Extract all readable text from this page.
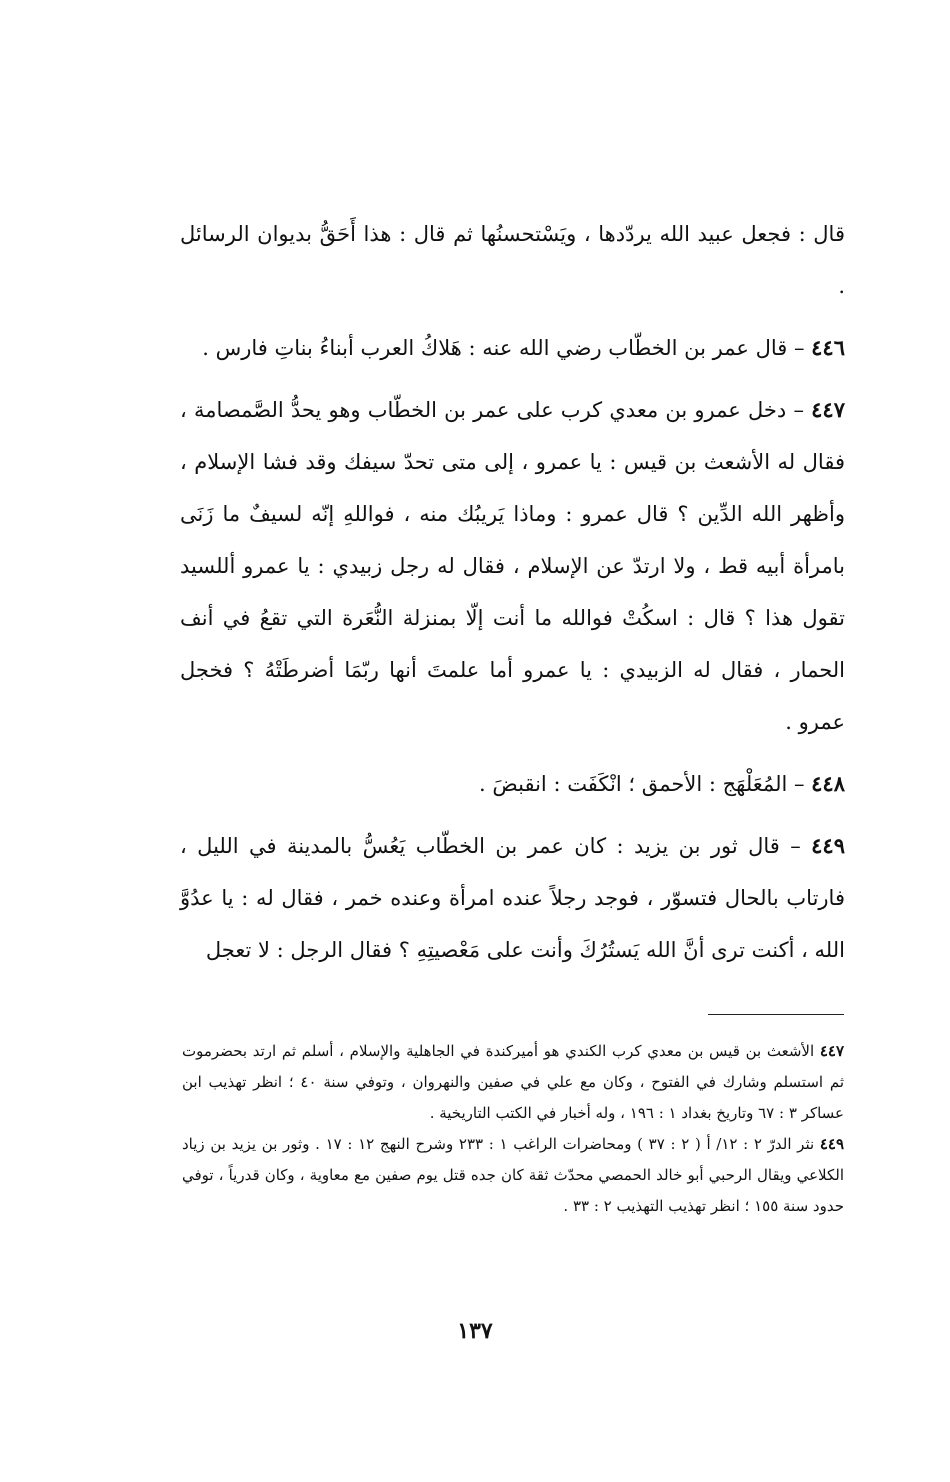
قال : فجعل عبيد الله يردّدها ، ويَسْتحسنُها ثم قال : هذا أَحَقُّ بديوان الرسائل .

٤٤٦ – قال عمر بن الخطّاب رضي الله عنه : هَلاكُ العرب أبناءُ بناتِ فارس .

٤٤٧ – دخل عمرو بن معدي كرب على عمر بن الخطّاب وهو يحدُّ الصَّمصامة ، فقال له الأشعث بن قيس : يا عمرو ، إلى متى تحدّ سيفك وقد فشا الإسلام ، وأظهر الله الدِّين ؟ قال عمرو : وماذا يَريبُك منه ، فواللهِ إنّه لسيفٌ ما زَنَى بامرأة أبيه قط ، ولا ارتدّ عن الإسلام ، فقال له رجل زبيدي : يا عمرو أللسيد تقول هذا ؟ قال : اسكُتْ فوالله ما أنت إلّا بمنزلة النُّعَرة التي تقعُ في أنف الحمار ، فقال له الزبيدي : يا عمرو أما علمتَ أنها ربّمَا أضرطَتْهُ ؟ فخجل عمرو .

٤٤٨ – المُعَلْهَج : الأحمق ؛ انْكَفَت : انقبضَ .

٤٤٩ – قال ثور بن يزيد : كان عمر بن الخطّاب يَعُسُّ بالمدينة في الليل ، فارتاب بالحال فتسوّر ، فوجد رجلاً عنده امرأة وعنده خمر ، فقال له : يا عدُوَّ الله ، أكنت ترى أنَّ الله يَستُرُكَ وأنت على مَعْصيتِهِ ؟ فقال الرجل : لا تعجل

٤٤٧ الأشعث بن قيس بن معدي كرب الكندي هو أميركندة في الجاهلية والإسلام ، أسلم ثم ارتد بحضرموت ثم استسلم وشارك في الفتوح ، وكان مع علي في صفين والنهروان ، وتوفي سنة ٤٠ ؛ انظر تهذيب ابن عساكر ٣ : ٦٧ وتاريخ بغداد ١ : ١٩٦ ، وله أخبار في الكتب التاريخية .

٤٤٩ نثر الدرّ ٢ : ١٢/ أ ( ٢ : ٣٧ ) ومحاضرات الراغب ١ : ٢٣٣ وشرح النهج ١٢ : ١٧ . وثور بن يزيد بن زياد الكلاعي ويقال الرحبي أبو خالد الحمصي محدّث ثقة كان جده قتل يوم صفين مع معاوية ، وكان قدرياً ، توفي حدود سنة ١٥٥ ؛ انظر تهذيب التهذيب ٢ : ٣٣ .

١٣٧
